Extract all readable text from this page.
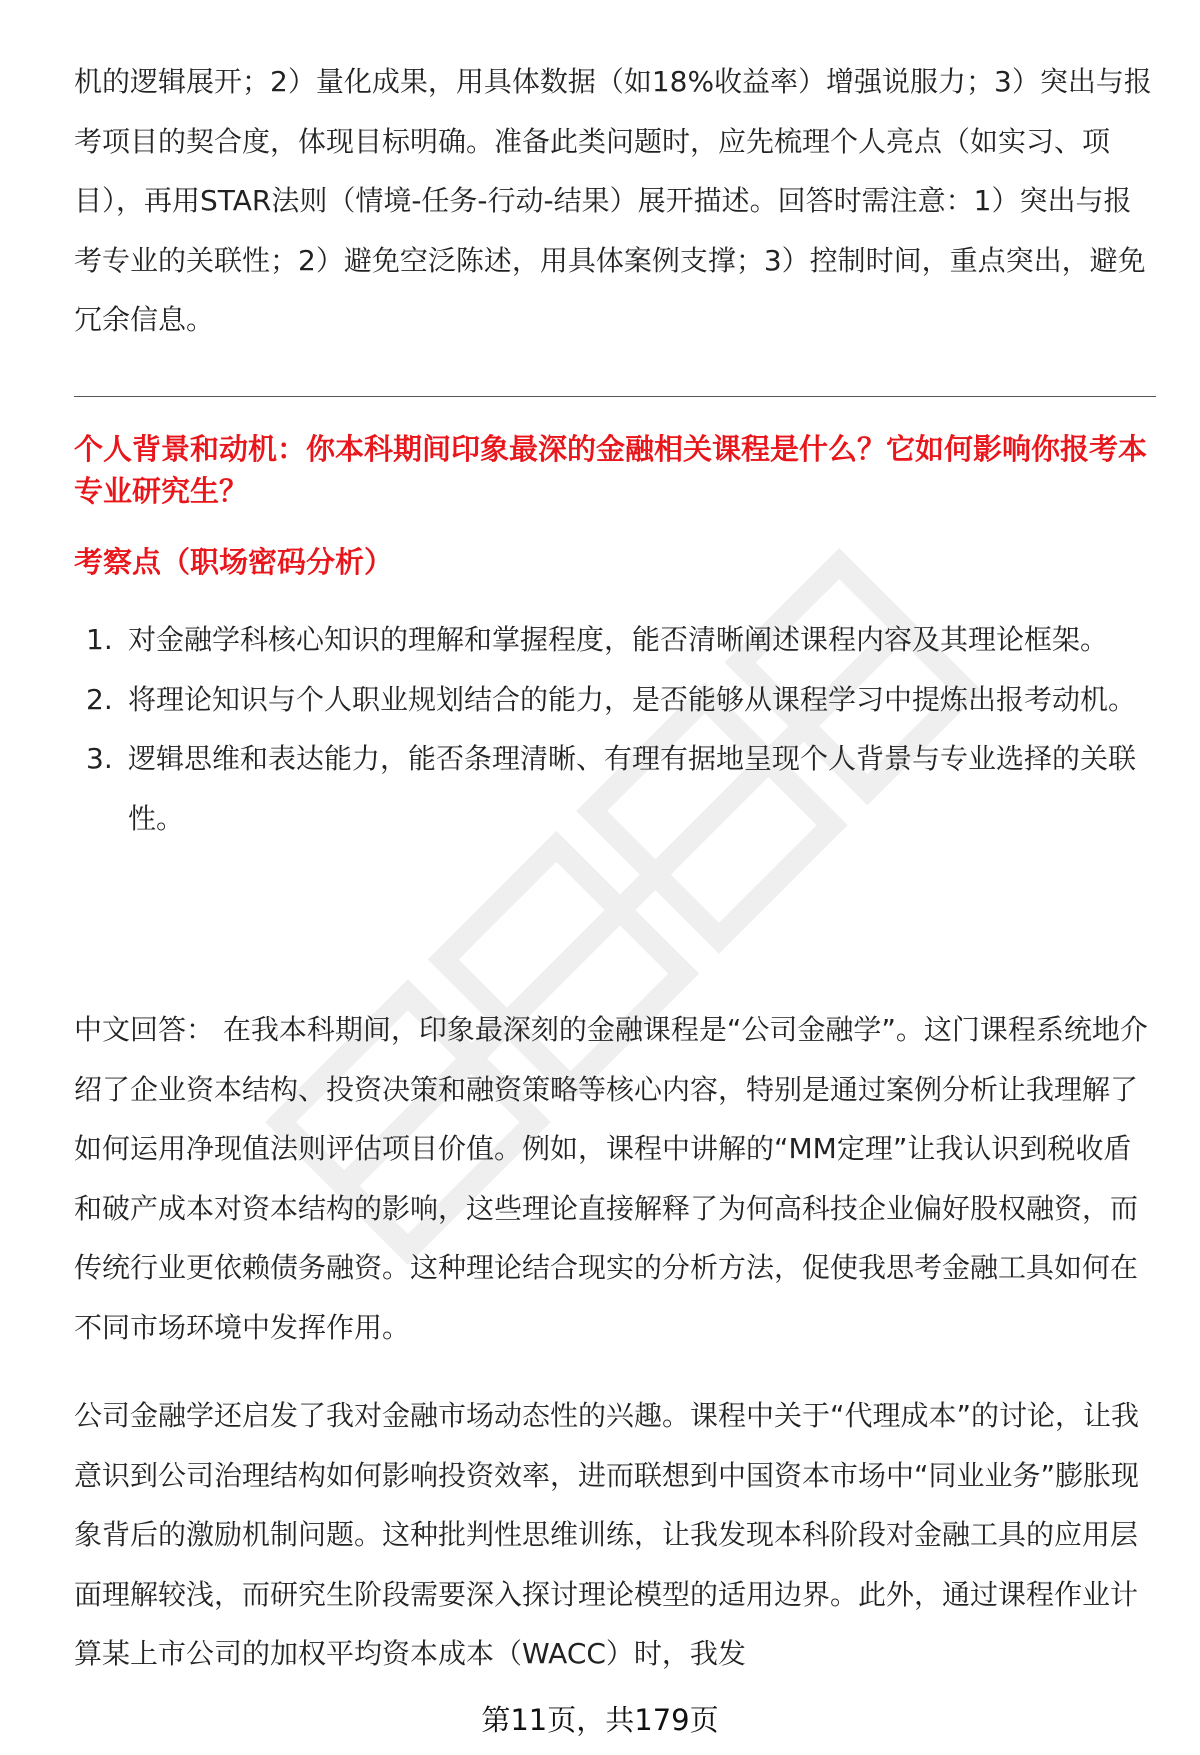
机的逻辑展开；2）量化成果，用具体数据（如18%收益率）增强说服力；3）突出与报考项目的契合度，体现目标明确。准备此类问题时，应先梳理个人亮点（如实习、项目），再用STAR法则（情境-任务-行动-结果）展开描述。回答时需注意：1）突出与报考专业的关联性；2）避免空泛陈述，用具体案例支撑；3）控制时间，重点突出，避免冗余信息。

个人背景和动机：你本科期间印象最深的金融相关课程是什么？它如何影响你报考本专业研究生？
考察点（职场密码分析）
1. 对金融学科核心知识的理解和掌握程度，能否清晰阐述课程内容及其理论框架。
2. 将理论知识与个人职业规划结合的能力，是否能够从课程学习中提炼出报考动机。
3. 逻辑思维和表达能力，能否条理清晰、有理有据地呈现个人背景与专业选择的关联性。

中文回答： 在我本科期间，印象最深刻的金融课程是“公司金融学”。这门课程系统地介绍了企业资本结构、投资决策和融资策略等核心内容，特别是通过案例分析让我理解了如何运用净现值法则评估项目价值。例如，课程中讲解的“MM定理”让我认识到税收盾和破产成本对资本结构的影响，这些理论直接解释了为何高科技企业偏好股权融资，而传统行业更依赖债务融资。这种理论结合现实的分析方法，促使我思考金融工具如何在不同市场环境中发挥作用。

公司金融学还启发了我对金融市场动态性的兴趣。课程中关于“代理成本”的讨论，让我意识到公司治理结构如何影响投资效率，进而联想到中国资本市场中“同业业务”膨胀现象背后的激励机制问题。这种批判性思维训练，让我发现本科阶段对金融工具的应用层面理解较浅，而研究生阶段需要深入探讨理论模型的适用边界。此外，通过课程作业计算某上市公司的加权平均资本成本（WACC）时，我发

第11页，共179页
